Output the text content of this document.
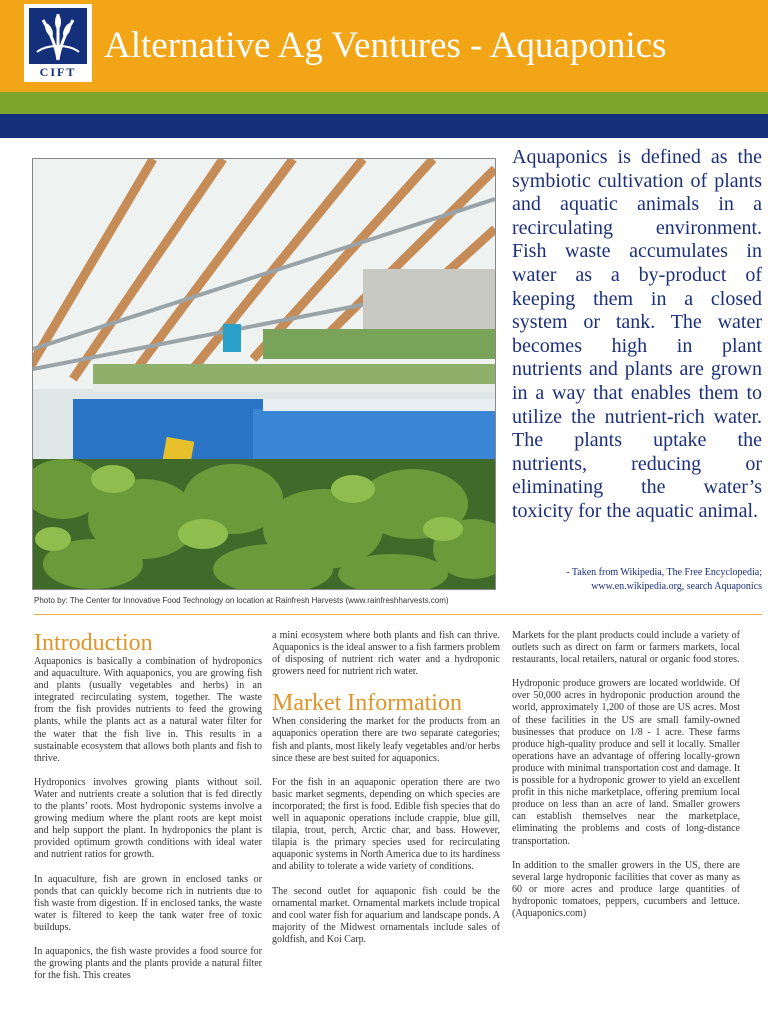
CIFT
Alternative Ag Ventures - Aquaponics
Photo by: The Center for Innovative Food Technology on location at Rainfresh Harvests (www.rainfreshharvests.com)
Aquaponics is defined as the symbiotic cultivation of plants and aquatic animals in a recirculating environment. Fish waste accumulates in water as a by-product of keeping them in a closed system or tank. The water becomes high in plant nutrients and plants are grown in a way that enables them to utilize the nutrient-rich water. The plants uptake the nutrients, reducing or eliminating the water’s toxicity for the aquatic animal.
- Taken from Wikipedia, The Free Encyclopedia; www.en.wikipedia.org, search Aquaponics
Introduction

Aquaponics is basically a combination of hydroponics and aquaculture. With aquaponics, you are growing fish and plants (usually vegetables and herbs) in an integrated recirculating system, together. The waste from the fish provides nutrients to feed the growing plants, while the plants act as a natural water filter for the water that the fish live in. This results in a sustainable ecosystem that allows both plants and fish to thrive.

Hydroponics involves growing plants without soil. Water and nutrients create a solution that is fed directly to the plants’ roots. Most hydroponic systems involve a growing medium where the plant roots are kept moist and help support the plant. In hydroponics the plant is provided optimum growth conditions with ideal water and nutrient ratios for growth.

In aquaculture, fish are grown in enclosed tanks or ponds that can quickly become rich in nutrients due to fish waste from digestion. If in enclosed tanks, the waste water is filtered to keep the tank water free of toxic buildups.

In aquaponics, the fish waste provides a food source for the growing plants and the plants provide a natural filter for the fish. This creates

a mini ecosystem where both plants and fish can thrive. Aquaponics is the ideal answer to a fish farmers problem of disposing of nutrient rich water and a hydroponic growers need for nutrient rich water.

Market Information

When considering the market for the products from an aquaponics operation there are two separate categories; fish and plants, most likely leafy vegetables and/or herbs since these are best suited for aquaponics.

For the fish in an aquaponic operation there are two basic market segments, depending on which species are incorporated; the first is food. Edible fish species that do well in aquaponic operations include crappie, blue gill, tilapia, trout, perch, Arctic char, and bass. However, tilapia is the primary species used for recirculating aquaponic systems in North America due to its hardiness and ability to tolerate a wide variety of conditions.

The second outlet for aquaponic fish could be the ornamental market. Ornamental markets include tropical and cool water fish for aquarium and landscape ponds. A majority of the Midwest ornamentals include sales of goldfish, and Koi Carp.

Markets for the plant products could include a variety of outlets such as direct on farm or farmers markets, local restaurants, local retailers, natural or organic food stores.

Hydroponic produce growers are located worldwide. Of over 50,000 acres in hydroponic production around the world, approximately 1,200 of those are US acres. Most of these facilities in the US are small family-owned businesses that produce on 1/8 - 1 acre. These farms produce high-quality produce and sell it locally. Smaller operations have an advantage of offering locally-grown produce with minimal transportation cost and damage. It is possible for a hydroponic grower to yield an excellent profit in this niche marketplace, offering premium local produce on less than an acre of land. Smaller growers can establish themselves near the marketplace, eliminating the problems and costs of long-distance transportation.

In addition to the smaller growers in the US, there are several large hydroponic facilities that cover as many as 60 or more acres and produce large quantities of hydroponic tomatoes, peppers, cucumbers and lettuce. (Aquaponics.com)
